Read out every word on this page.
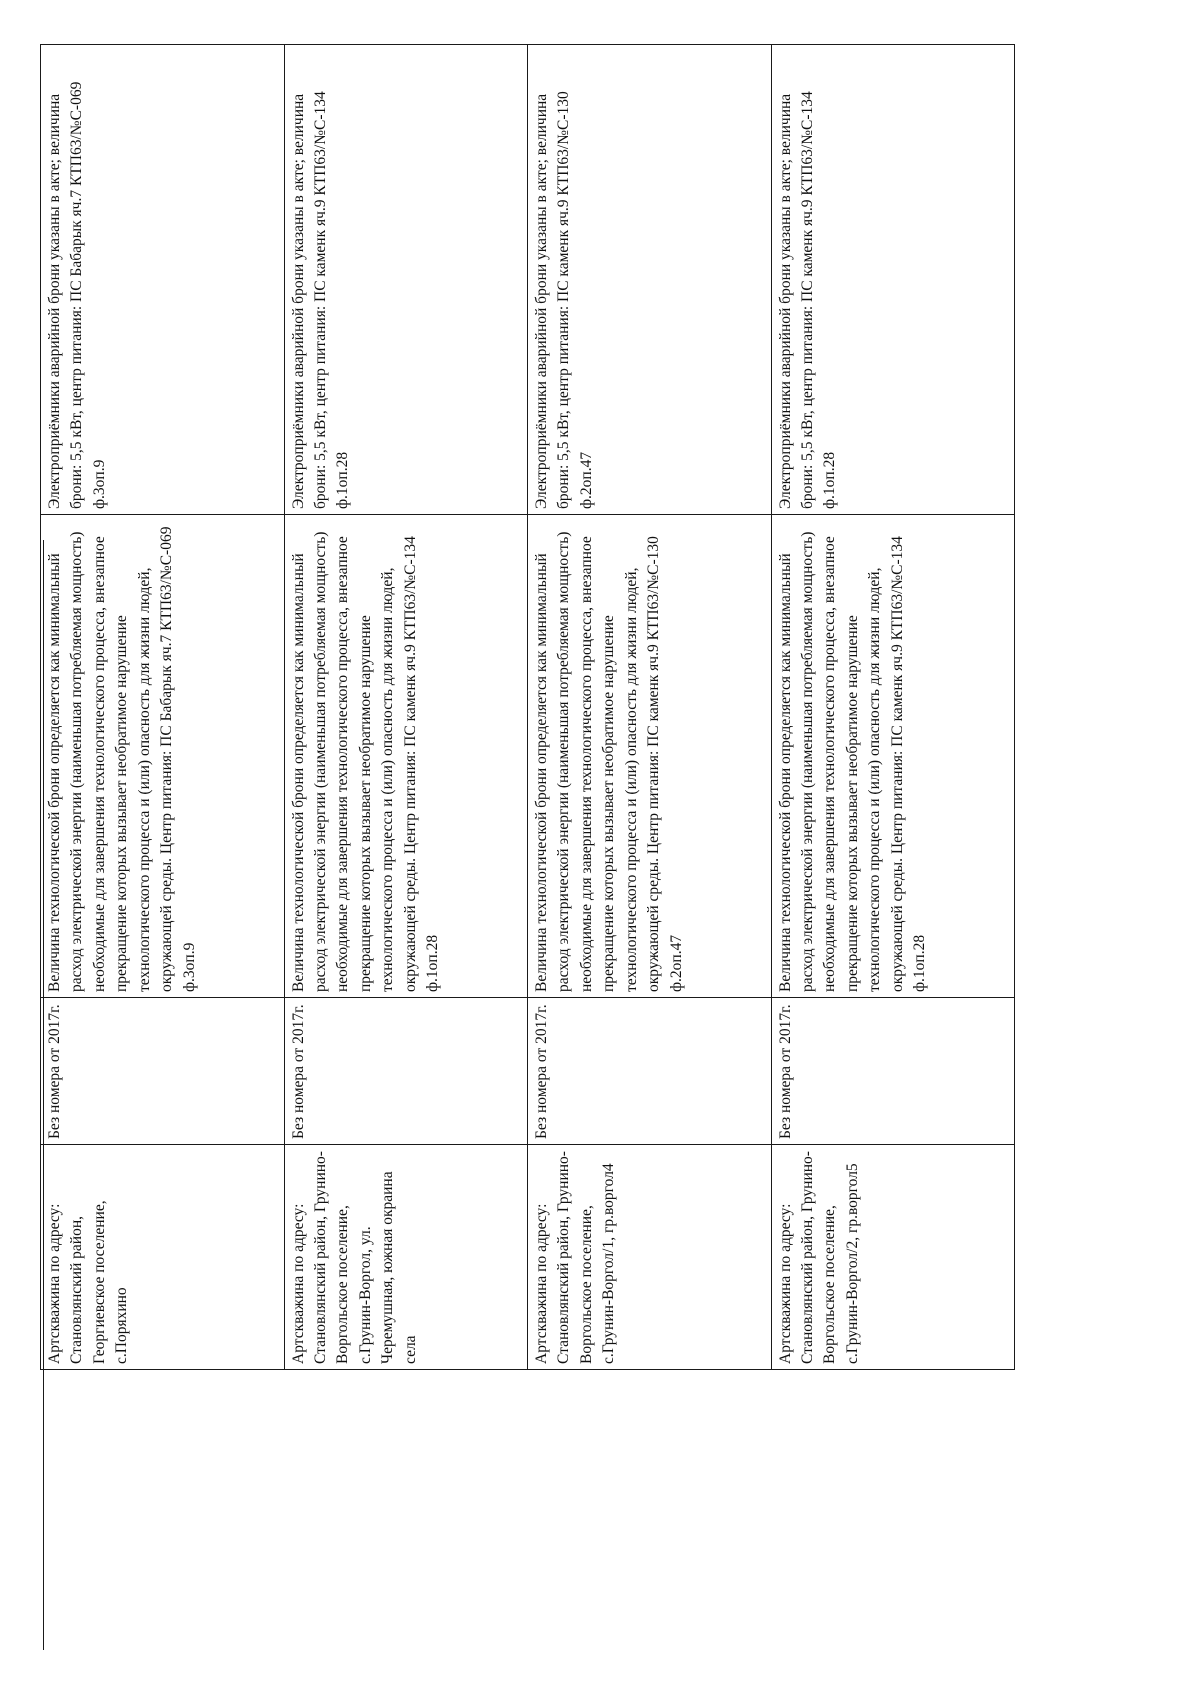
Артскважина по адресу: Становлянский район, Георгиевское поселение, с.Поряхино	Без номера от 2017г.	Величина технологической брони определяется как минимальный расход электрической энергии (наименьшая потребляемая мощность) необходимые для завершения технологического процесса, внезапное прекращение которых вызывает необратимое нарушение технологического процесса и (или) опасность для жизни людей, окружающей среды. Центр питания: ПС Бабарык яч.7 КТП63/№С-069 ф.3оп.9	Электроприёмники аварийной брони указаны в акте; величина брони: 5,5 кВт, центр питания: ПС Бабарык яч.7 КТП63/№С-069 ф.3оп.9
Артскважина по адресу: Становлянский район, Грунино-Воргольское поселение, с.Грунин-Воргол, ул. Черемушная, южная окраина села	Без номера от 2017г.	Величина технологической брони определяется как минимальный расход электрической энергии (наименьшая потребляемая мощность) необходимые для завершения технологического процесса, внезапное прекращение которых вызывает необратимое нарушение технологического процесса и (или) опасность для жизни людей, окружающей среды. Центр питания: ПС каменк яч.9 КТП63/№С-134 ф.1оп.28	Электроприёмники аварийной брони указаны в акте; величина брони: 5,5 кВт, центр питания: ПС каменк яч.9 КТП63/№С-134 ф.1оп.28
Артскважина по адресу: Становлянский район, Грунино-Воргольское поселение, с.Грунин-Воргол/1, гр.воргол4	Без номера от 2017г.	Величина технологической брони определяется как минимальный расход электрической энергии (наименьшая потребляемая мощность) необходимые для завершения технологического процесса, внезапное прекращение которых вызывает необратимое нарушение технологического процесса и (или) опасность для жизни людей, окружающей среды. Центр питания: ПС каменк яч.9 КТП63/№С-130 ф.2оп.47	Электроприёмники аварийной брони указаны в акте; величина брони: 5,5 кВт, центр питания: ПС каменк яч.9 КТП63/№С-130 ф.2оп.47
Артскважина по адресу: Становлянский район, Грунино-Воргольское поселение, с.Грунин-Воргол/2, гр.воргол5	Без номера от 2017г.	Величина технологической брони определяется как минимальный расход электрической энергии (наименьшая потребляемая мощность) необходимые для завершения технологического процесса, внезапное прекращение которых вызывает необратимое нарушение технологического процесса и (или) опасность для жизни людей, окружающей среды. Центр питания: ПС каменк яч.9 КТП63/№С-134 ф.1оп.28	Электроприёмники аварийной брони указаны в акте; величина брони: 5,5 кВт, центр питания: ПС каменк яч.9 КТП63/№С-134 ф.1оп.28
